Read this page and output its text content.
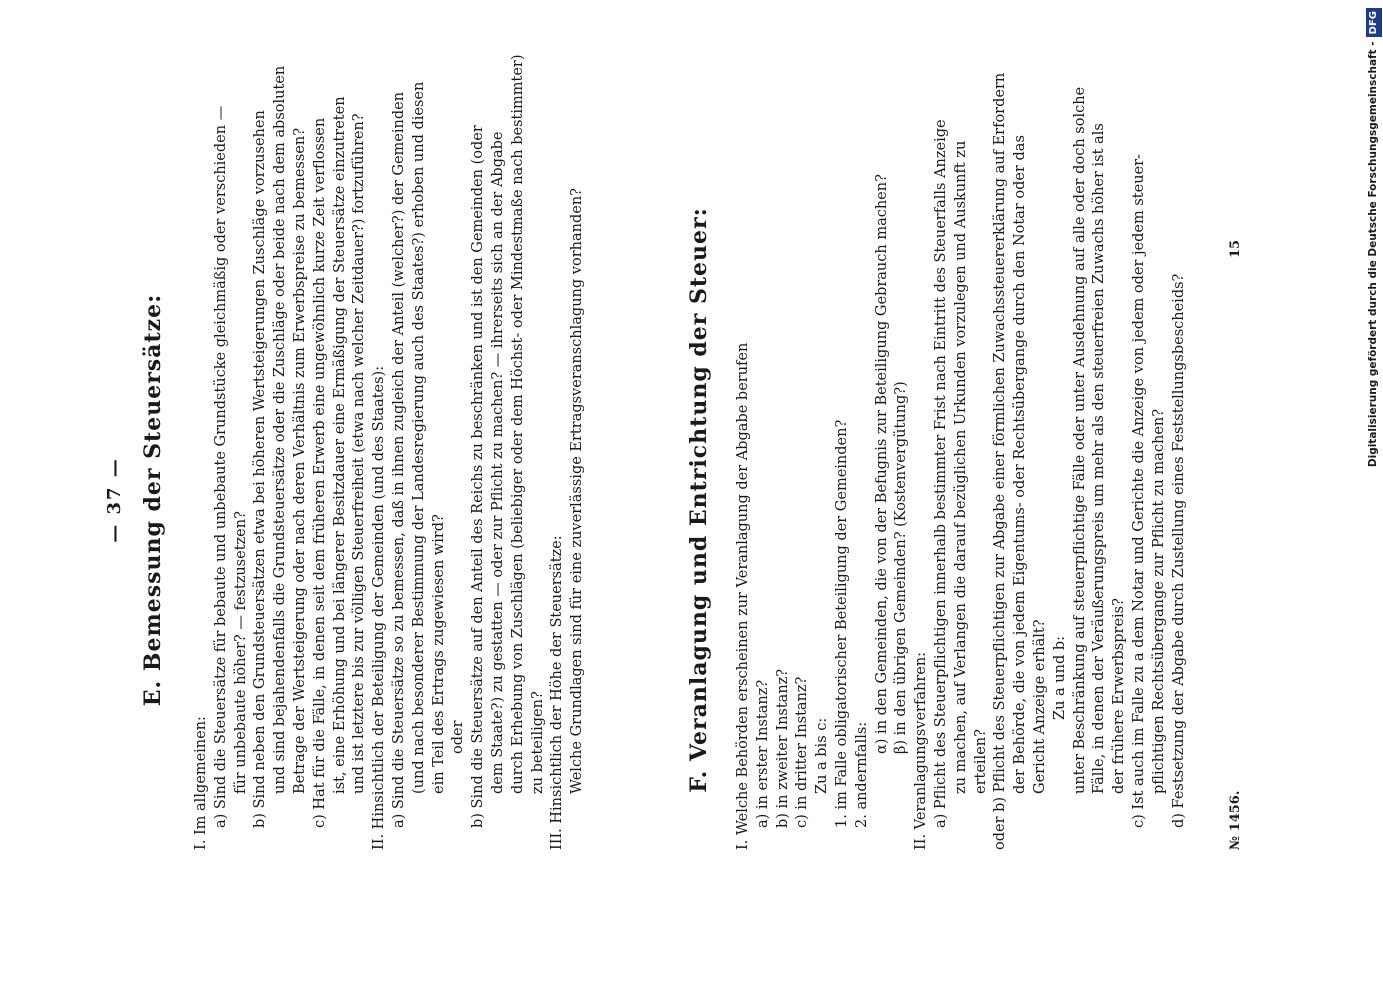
— 37 — E. Bemessung der Steuersätze:
I. Im allgemeinen: a) Sind die Steuersätze für bebaute und unbebaute Grundstücke gleichmäßig oder verschieden — für unbebaute höher? — festzusetzen? b) Sind neben den Grundsteuersätzen etwa bei höheren Wertsteigerungen Zuschläge vorzusehen und sind bejahendenfalls die Grundsteuersätze oder die Zuschläge oder beide nach dem absoluten Betrage der Wertsteigerung oder nach deren Verhältnis zum Erwerbspreise zu bemessen? c) Hat für die Fälle, in denen seit dem früheren Erwerb eine ungewöhnlich kurze Zeit verflossen ist, eine Erhöhung und bei längerer Besitzdauer eine Ermäßigung der Steuersätze einzutreten und ist letztere bis zur völligen Steuerfreiheit (etwa nach welcher Zeitdauer?) fortzuführen? II. Hinsichtlich der Beteiligung der Gemeinden (und des Staates): a) Sind die Steuersätze so zu bemessen, daß in ihnen zugleich der Anteil (welcher?) der Gemeinden (und nach besonderer Bestimmung der Landesregierung auch des Staates?) erhoben und diesen ein Teil des Ertrags zugewiesen wird? oder b) Sind die Steuersätze auf den Anteil des Reichs zu beschränken und ist den Gemeinden (oder dem Staate?) zu gestatten — oder zur Pflicht zu machen? — ihrerseits sich an der Abgabe durch Erhebung von Zuschlägen (beliebiger oder dem Höchst- oder Mindestmaße nach bestimmter) zu beteiligen? III. Hinsichtlich der Höhe der Steuersätze: Welche Grundlagen sind für eine zuverlässige Ertragsveranschlagung vorhanden?	F. Veranlagung und Entrichtung der Steuer: I. Welche Behörden erscheinen zur Veranlagung der Abgabe berufen a) in erster Instanz? b) in zweiter Instanz? c) in dritter Instanz? Zu a bis c: 1. im Falle obligatorischer Beteiligung der Gemeinden? 2. andernfalls:
α) in den Gemeinden, die von der Befugnis zur Beteiligung Gebrauch machen? β) in den übrigen Gemeinden? (Kostenvergütung?) II. Veranlagungsverfahren: a) Pflicht des Steuerpflichtigen innerhalb bestimmter Frist nach Eintritt des Steuerfalls Anzeige zu machen, auf Verlangen die darauf bezüglichen Urkunden vorzulegen und Auskunft zu erteilen? oder b) Pflicht des Steuerpflichtigen zur Abgabe einer förmlichen Zuwachssteuererklärung auf Erfordern der Behörde, die von jedem Eigentums- oder Rechtsübergange durch den Notar oder das Gericht Anzeige erhält? Zu a und b: unter Beschränkung auf steuerpflichtige Fälle oder unter Ausdehnung auf alle oder doch solche Fälle, in denen der Veräußerungspreis um mehr als den steuerfreien Zuwachs höher ist als der frühere Erwerbspreis? c) Ist auch im Falle zu a dem Notar und Gerichte die Anzeige von jedem oder jedem steuer- pflichtigen Rechtsübergange zur Pflicht zu machen? d) Festsetzung der Abgabe durch Zustellung eines Feststellungsbescheids?	№ 1456.
15	Digitalisierung gefördert durch die Deutsche Forschungsgemeinschaft -DFG
